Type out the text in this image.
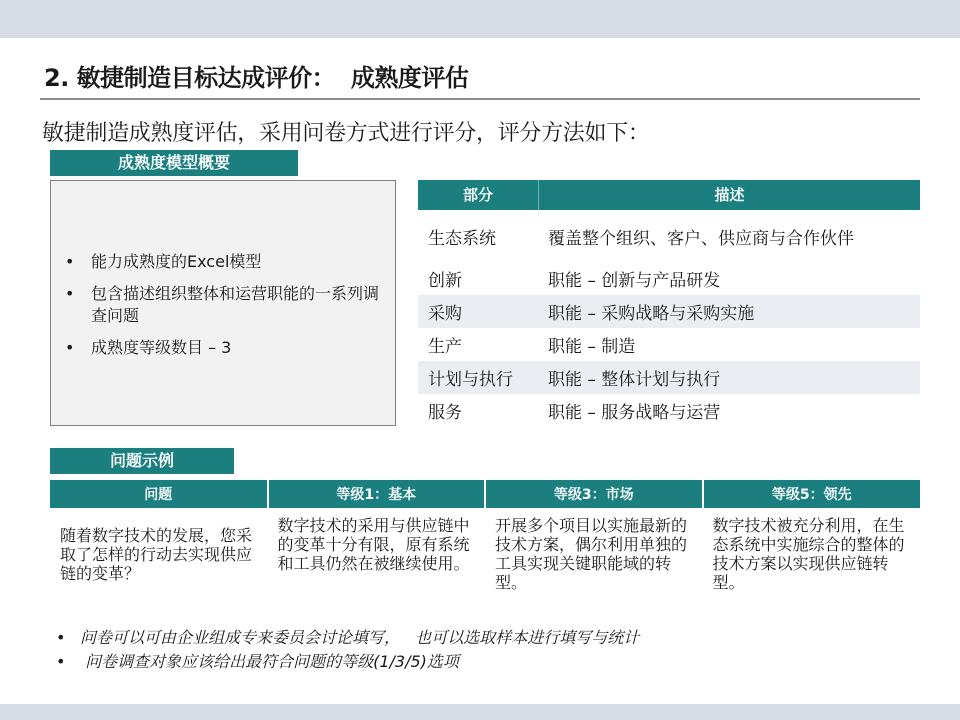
2. 敏捷制造目标达成评价：  成熟度评估
敏捷制造成熟度评估，采用问卷方式进行评分，评分方法如下：
成熟度模型概要
• 能力成熟度的Excel模型
• 包含描述组织整体和运营职能的一系列调查问题
• 成熟度等级数目 – 3
部分	描述
生态系统	覆盖整个组织、客户、供应商与合作伙伴
创新	职能 – 创新与产品研发
采购	职能 – 采购战略与采购实施
生产	职能 – 制造
计划与执行	职能 – 整体计划与执行
服务	职能 – 服务战略与运营
问题示例
问题	等级1：基本	等级3：市场	等级5：领先
随着数字技术的发展，您采取了怎样的行动去实现供应链的变革？	数字技术的采用与供应链中的变革十分有限，原有系统和工具仍然在被继续使用。	开展多个项目以实施最新的技术方案，偶尔利用单独的工具实现关键职能域的转型。	数字技术被充分利用，在生态系统中实施综合的整体的技术方案以实现供应链转型。
• 问卷可以可由企业组成专来委员会讨论填写，   也可以选取样本进行填写与统计
•  问卷调查对象应该给出最符合问题的等级(1/3/5)选项
